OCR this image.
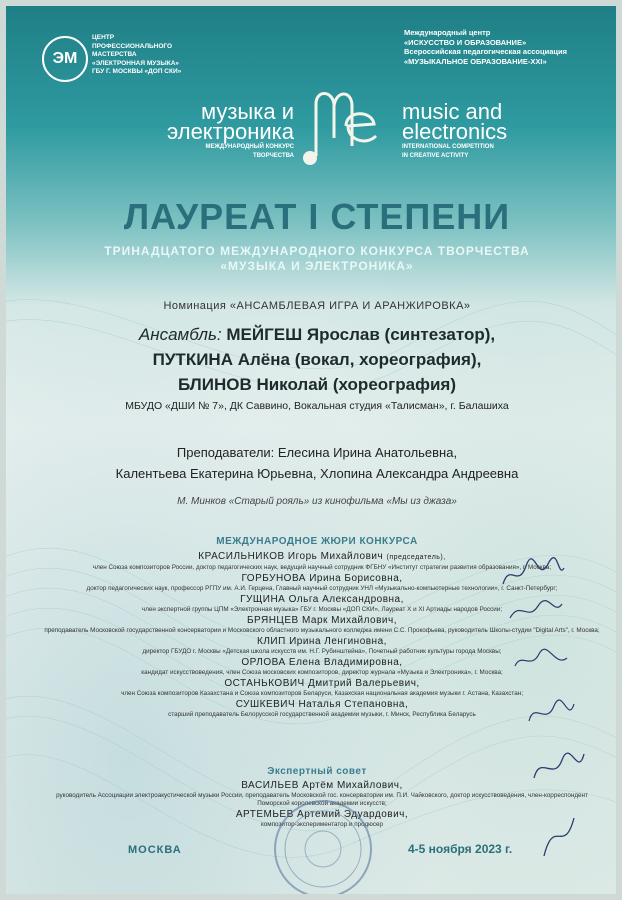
ЭМ
ЦЕНТР
ПРОФЕССИОНАЛЬНОГО
МАСТЕРСТВА
«ЭЛЕКТРОННАЯ МУЗЫКА»
ГБУ Г. МОСКВЫ «ДОП СКИ»
Международный центр
«ИСКУССТВО И ОБРАЗОВАНИЕ»
Всероссийская педагогическая ассоциация
«МУЗЫКАЛЬНОЕ ОБРАЗОВАНИЕ-XXI»
музыка и
электроника
МЕЖДУНАРОДНЫЙ КОНКУРС
ТВОРЧЕСТВА
music and
electronics
INTERNATIONAL COMPETITION
IN CREATIVE ACTIVITY
ЛАУРЕАТ I СТЕПЕНИ
ТРИНАДЦАТОГО МЕЖДУНАРОДНОГО КОНКУРСА ТВОРЧЕСТВА
«МУЗЫКА И ЭЛЕКТРОНИКА»
Номинация «АНСАМБЛЕВАЯ ИГРА И АРАНЖИРОВКА»
Ансамбль: МЕЙГЕШ Ярослав (синтезатор),
ПУТКИНА Алёна (вокал, хореография),
БЛИНОВ Николай (хореография)
МБУДО «ДШИ № 7», ДК Саввино, Вокальная студия «Талисман», г. Балашиха
Преподаватели: Елесина Ирина Анатольевна,
Калентьева Екатерина Юрьевна, Хлопина Александра Андреевна
М. Минков «Старый рояль» из кинофильма «Мы из джаза»
МЕЖДУНАРОДНОЕ ЖЮРИ КОНКУРСА
КРАСИЛЬНИКОВ Игорь Михайлович (председатель),
член Союза композиторов России, доктор педагогических наук, ведущий научный сотрудник ФГБНУ «Институт стратегии развития образования», г. Москва;
ГОРБУНОВА Ирина Борисовна,
доктор педагогических наук, профессор РГПУ им. А.И. Герцена, Главный научный сотрудник УНЛ «Музыкально-компьютерные технологии», г. Санкт-Петербург;
ГУЩИНА Ольга Александровна,
член экспертной группы ЦПМ «Электронная музыка» ГБУ г. Москвы «ДОП СКИ», Лауреат X и XI Артиады народов России;
БРЯНЦЕВ Марк Михайлович,
преподаватель Московской государственной консерватории и Московского областного музыкального колледжа имени С.С. Прокофьева, руководитель Школы-студии "Digital Arts", г. Москва;
КЛИП Ирина Ленгиновна,
директор ГБУДО г. Москвы «Детская школа искусств им. Н.Г. Рубинштейна», Почетный работник культуры города Москвы;
ОРЛОВА Елена Владимировна,
кандидат искусствоведения, член Союза московских композиторов, директор журнала «Музыка и Электроника», г. Москва;
ОСТАНЬКОВИЧ Дмитрий Валерьевич,
член Союза композиторов Казахстана и Союза композиторов Беларуси, Казахская национальная академия музыки г. Астана, Казахстан;
СУШКЕВИЧ Наталья Степановна,
старший преподаватель Белорусской государственной академии музыки, г. Минск, Республика Беларусь
Экспертный совет
ВАСИЛЬЕВ Артём Михайлович,
руководитель Ассоциации электроакустической музыки России, преподаватель Московской гос. консерватории им. П.И. Чайковского, доктор искусствоведения, член-корреспондент Поморской королевской академии искусств;
АРТЕМЬЕВ Артемий Эдуардович,
композитор-экспериментатор и продюсер
МОСКВА	4-5 ноября 2023 г.
